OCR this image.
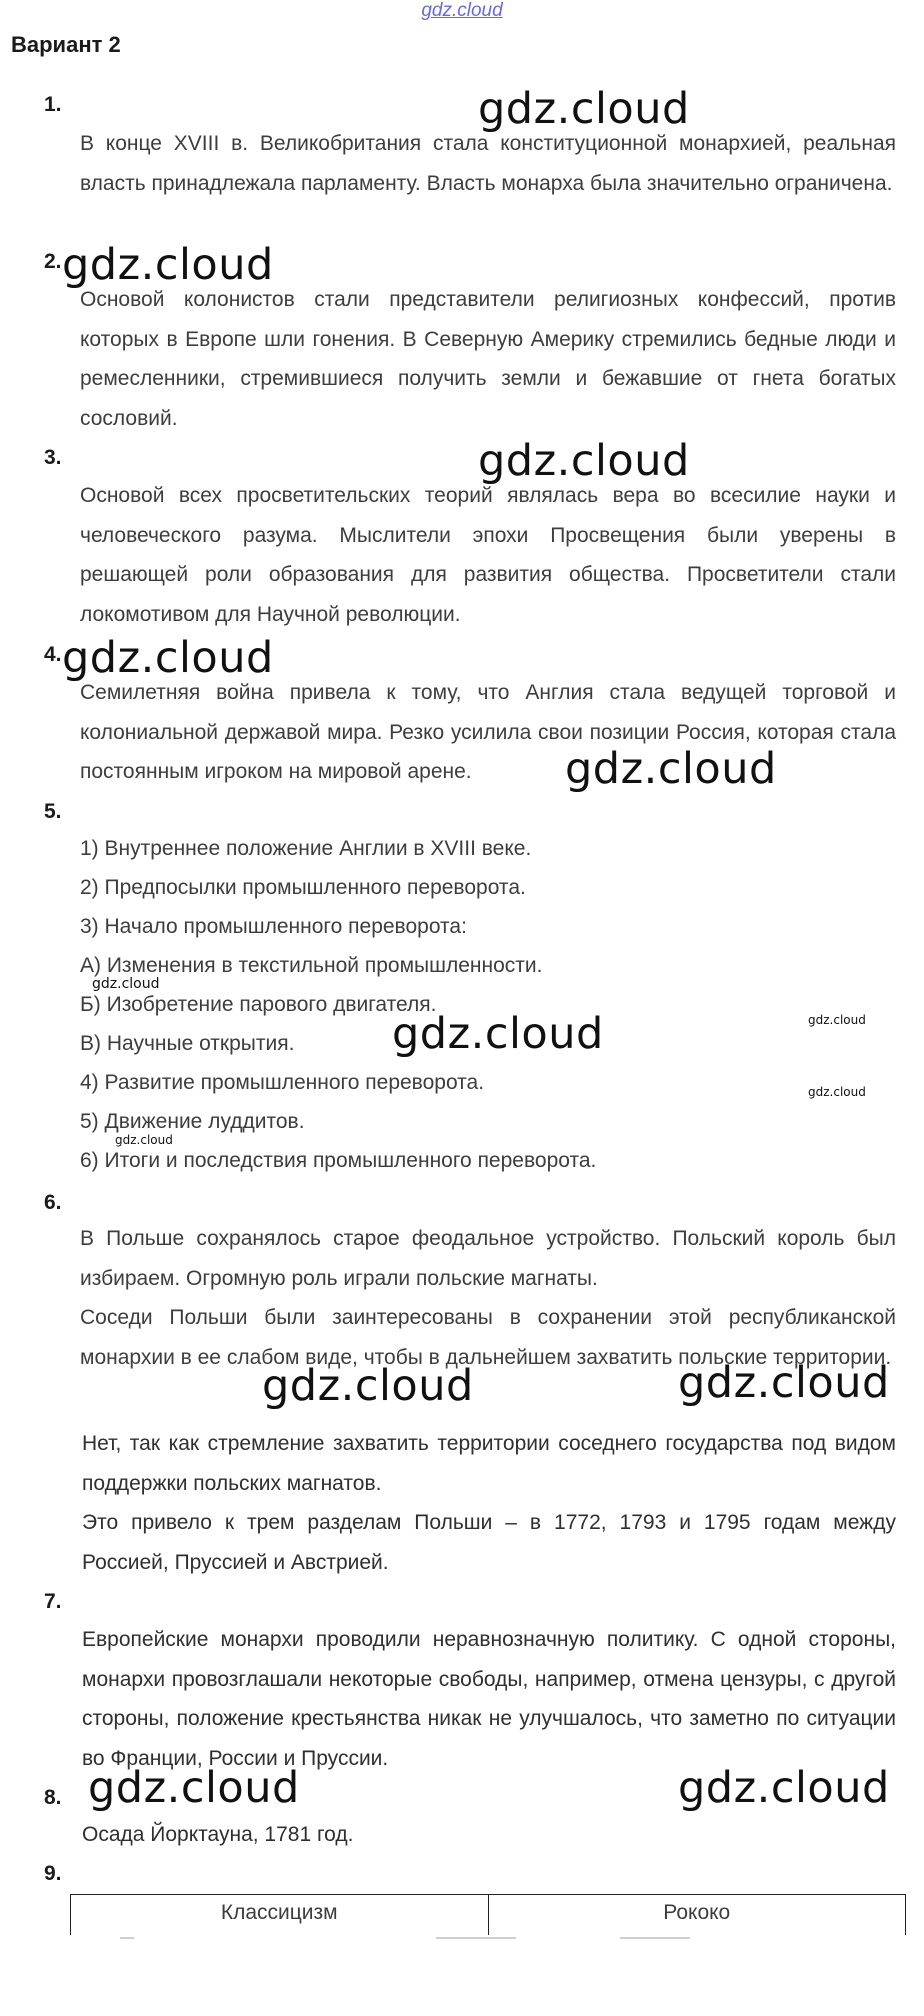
gdz.cloud
Вариант 2
1.

В конце XVIII в. Великобритания стала конституционной монархией, реальная власть принадлежала парламенту. Власть монарха была значительно ограничена.

2.

Основой колонистов стали представители религиозных конфессий, против которых в Европе шли гонения. В Северную Америку стремились бедные люди и ремесленники, стремившиеся получить земли и бежавшие от гнета богатых сословий.

3.

Основой всех просветительских теорий являлась вера во всесилие науки и человеческого разума. Мыслители эпохи Просвещения были уверены в решающей роли образования для развития общества. Просветители стали локомотивом для Научной революции.

4.

Семилетняя война привела к тому, что Англия стала ведущей торговой и колониальной державой мира. Резко усилила свои позиции Россия, которая стала постоянным игроком на мировой арене.

5.
1) Внутреннее положение Англии в XVIII веке.
2) Предпосылки промышленного переворота.
3) Начало промышленного переворота:
А) Изменения в текстильной промышленности.
Б) Изобретение парового двигателя.
В) Научные открытия.
4) Развитие промышленного переворота.
5) Движение луддитов.
6) Итоги и последствия промышленного переворота.
6.

В Польше сохранялось старое феодальное устройство. Польский король был избираем. Огромную роль играли польские магнаты.

Соседи Польши были заинтересованы в сохранении этой республиканской монархии в ее слабом виде, чтобы в дальнейшем захватить польские территории.

Нет, так как стремление захватить территории соседнего государства под видом поддержки польских магнатов.

Это привело к трем разделам Польши – в 1772, 1793 и 1795 годам между Россией, Пруссией и Австрией.

7.

Европейские монархи проводили неравнозначную политику. С одной стороны, монархи провозглашали некоторые свободы, например, отмена цензуры, с другой стороны, положение крестьянства никак не улучшалось, что заметно по ситуации во Франции, России и Пруссии.

8.
Осада Йорктауна, 1781 год.
9.
Классицизм	Рококо
gdz.cloud
gdz.cloud
gdz.cloud
gdz.cloud
gdz.cloud
gdz.cloud
gdz.cloud	gdz.cloud
gdz.cloud
gdz.cloud
gdz.cloud	gdz.cloud
gdz.cloud	gdz.cloud
